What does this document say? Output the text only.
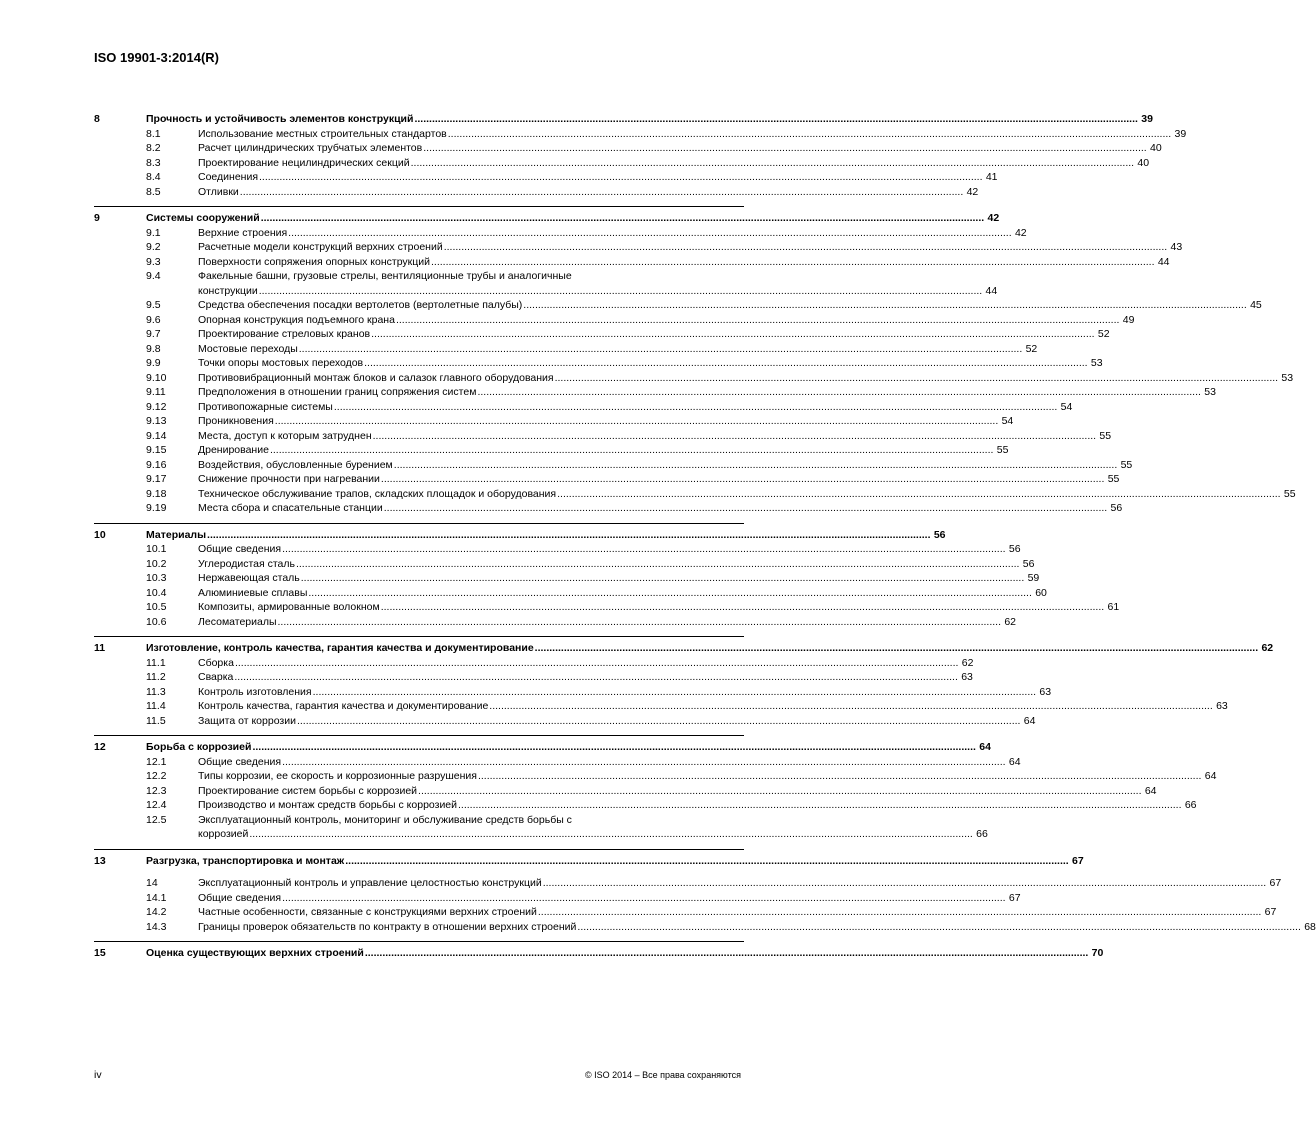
ISO 19901-3:2014(R)
8	Прочность и устойчивость элементов конструкций .....	39
8.1	Использование местных строительных стандартов .....	39
8.2	Расчет цилиндрических трубчатых элементов .....	40
8.3	Проектирование нецилиндрических секций .....	40
8.4	Соединения .....	41
8.5	Отливки .....	42
9	Системы сооружений .....	42
9.1	Верхние строения .....	42
9.2	Расчетные модели конструкций верхних строений .....	43
9.3	Поверхности сопряжения опорных конструкций .....	44
9.4	Факельные башни, грузовые стрелы, вентиляционные трубы и аналогичные
конструкции .....	44
9.5	Средства обеспечения посадки вертолетов (вертолетные палубы) .....	45
9.6	Опорная конструкция подъемного крана .....	49
9.7	Проектирование стреловых кранов .....	52
9.8	Мостовые переходы .....	52
9.9	Точки опоры мостовых переходов .....	53
9.10	Противовибрационный монтаж блоков и салазок главного оборудования .....	53
9.11	Предположения в отношении границ сопряжения систем .....	53
9.12	Противопожарные системы .....	54
9.13	Проникновения .....	54
9.14	Места, доступ к которым затруднен .....	55
9.15	Дренирование .....	55
9.16	Воздействия, обусловленные бурением .....	55
9.17	Снижение прочности при нагревании .....	55
9.18	Техническое обслуживание трапов, складских площадок и оборудования .....	55
9.19	Места сбора и спасательные станции .....	56
10	Материалы .....	56
10.1	Общие сведения .....	56
10.2	Углеродистая сталь .....	56
10.3	Нержавеющая сталь .....	59
10.4	Алюминиевые сплавы .....	60
10.5	Композиты, армированные волокном .....	61
10.6	Лесоматериалы .....	62
11	Изготовление, контроль качества, гарантия качества и документирование .....	62
11.1	Сборка .....	62
11.2	Сварка .....	63
11.3	Контроль изготовления .....	63
11.4	Контроль качества, гарантия качества и документирование .....	63
11.5	Защита от коррозии .....	64
12	Борьба с коррозией .....	64
12.1	Общие сведения .....	64
12.2	Типы коррозии, ее скорость и коррозионные разрушения .....	64
12.3	Проектирование систем борьбы с коррозией .....	64
12.4	Производство и монтаж средств борьбы с коррозией .....	66
12.5	Эксплуатационный контроль, мониторинг и обслуживание средств борьбы с
коррозией .....	66
13	Разгрузка, транспортировка и монтаж .....	67
14	Эксплуатационный контроль и управление целостностью конструкций .....	67
14.1	Общие сведения .....	67
14.2	Частные особенности, связанные с конструкциями верхних строений .....	67
14.3	Границы проверок обязательств по контракту в отношении верхних строений .....	68
15	Оценка существующих верхних строений .....	70
iv	© ISO 2014 – Все права сохраняются
